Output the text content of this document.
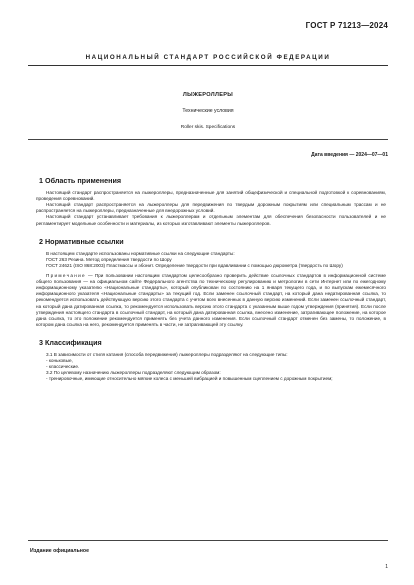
ГОСТ Р 71213—2024
НАЦИОНАЛЬНЫЙ СТАНДАРТ РОССИЙСКОЙ ФЕДЕРАЦИИ
ЛЫЖЕРОЛЛЕРЫ
Технические условия
Roller skis. Specifications
Дата введения — 2024—07—01
1 Область применения

Настоящий стандарт распространяется на лыжероллеры, предназначенные для занятий общефизической и специальной подготовкой к соревнованиям, проведения соревнований.

Настоящий стандарт распространяется на лыжероллеры для передвижения по твердым дорожным покрытиям или специальным трассам и не распространяется на лыжероллеры, предназначенные для внедорожных условий.

Настоящий стандарт устанавливает требования к лыжероллерам и отдельным элементам для обеспечения безопасности пользователей и не регламентирует модельные особенности и материалы, из которых изготавливают элементы лыжероллеров.

2 Нормативные ссылки

В настоящем стандарте использованы нормативные ссылки на следующие стандарты:

ГОСТ 263 Резина. Метод определения твердости по Шору

ГОСТ 24621 (ISO 868:2003) Пластмассы и эбонит. Определение твердости при вдавливании с помощью дюрометра (твердость по Шору)

Примечание — При пользовании настоящим стандартом целесообразно проверить действие ссылочных стандартов в информационной системе общего пользования — на официальном сайте Федерального агентства по техническому регулированию и метрологии в сети Интернет или по ежегодному информационному указателю «Национальные стандарты», который опубликован по состоянию на 1 января текущего года, и по выпускам ежемесячного информационного указателя «Национальные стандарты» за текущий год. Если заменен ссылочный стандарт, на который дана недатированная ссылка, то рекомендуется использовать действующую версию этого стандарта с учетом всех внесенных в данную версию изменений. Если заменен ссылочный стандарт, на который дана датированная ссылка, то рекомендуется использовать версию этого стандарта с указанным выше годом утверждения (принятия). Если после утверждения настоящего стандарта в ссылочный стандарт, на который дана датированная ссылка, внесено изменение, затрагивающее положение, на которое дана ссылка, то это положение рекомендуется применять без учета данного изменения. Если ссылочный стандарт отменен без замены, то положение, в котором дана ссылка на него, рекомендуется применять в части, не затрагивающей эту ссылку.

3 Классификация

3.1 В зависимости от стиля катания (способа передвижения) лыжероллеры подразделяют на следующие типы:

- коньковые,

- классические.

3.2 По целевому назначению лыжероллеры подразделяют следующим образом:

- тренировочные, имеющие относительно мягкие колеса с меньшей вибрацией и повышенным сцеплением с дорожным покрытием;

Издание официальное
1
